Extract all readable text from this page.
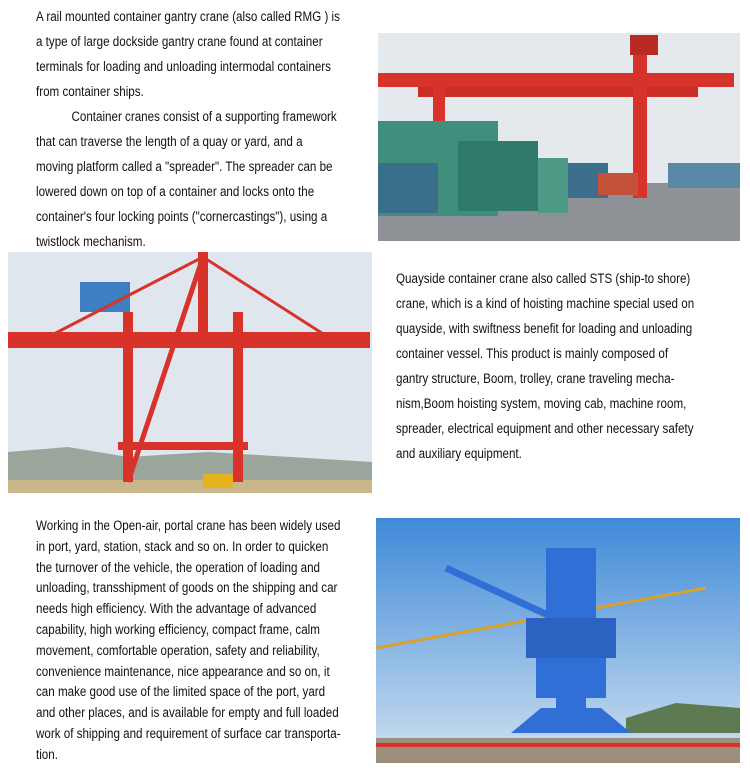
A rail mounted container gantry crane (also called RMG ) is
a type of large dockside gantry crane found at container
terminals for loading and unloading intermodal containers
from container ships.
Container cranes consist of a supporting framework
that can traverse the length of a quay or yard, and a
moving platform called a "spreader". The spreader can be
lowered down on top of a container and locks onto the
container's four locking points ("cornercastings"), using a
twistlock mechanism.
Quayside container crane also called STS (ship-to shore)
crane, which is a kind of hoisting machine special used on
quayside, with swiftness benefit for loading and unloading
container vessel. This product is mainly composed of
gantry structure, Boom, trolley, crane traveling mecha-
nism,Boom hoisting system, moving cab, machine room,
spreader, electrical equipment and other necessary safety
and auxiliary equipment.
Working in the Open-air, portal crane has been widely used
in port, yard, station, stack and so on. In order to quicken
the turnover of the vehicle, the operation of loading and
unloading, transshipment of goods on the shipping and car
needs high efficiency. With the advantage of advanced
capability, high working efficiency, compact frame, calm
movement, comfortable operation, safety and reliability,
convenience maintenance, nice appearance and so on, it
can make good use of the limited space of the port, yard
and other places, and is available for empty and full loaded
work of shipping and requirement of surface car transporta-
tion.
